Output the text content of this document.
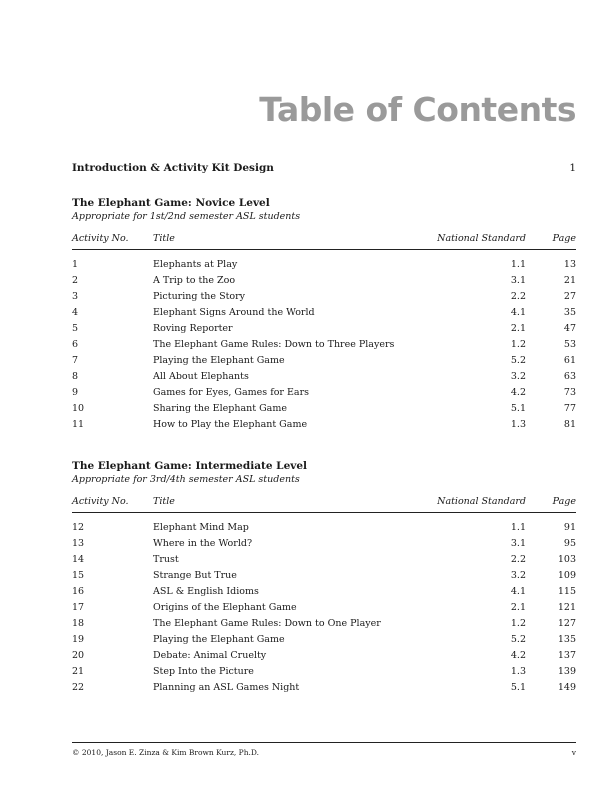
Table of Contents
Introduction & Activity Kit Design	1
The Elephant Game: Novice Level
Appropriate for 1st/2nd semester ASL students
Activity No.	Title	National Standard	Page
1	Elephants at Play	1.1	13
2	A Trip to the Zoo	3.1	21
3	Picturing the Story	2.2	27
4	Elephant Signs Around the World	4.1	35
5	Roving Reporter	2.1	47
6	The Elephant Game Rules: Down to Three Players	1.2	53
7	Playing the Elephant Game	5.2	61
8	All About Elephants	3.2	63
9	Games for Eyes, Games for Ears	4.2	73
10	Sharing the Elephant Game	5.1	77
11	How to Play the Elephant Game	1.3	81
The Elephant Game: Intermediate Level
Appropriate for 3rd/4th semester ASL students
Activity No.	Title	National Standard	Page
12	Elephant Mind Map	1.1	91
13	Where in the World?	3.1	95
14	Trust	2.2	103
15	Strange But True	3.2	109
16	ASL & English Idioms	4.1	115
17	Origins of the Elephant Game	2.1	121
18	The Elephant Game Rules: Down to One Player	1.2	127
19	Playing the Elephant Game	5.2	135
20	Debate: Animal Cruelty	4.2	137
21	Step Into the Picture	1.3	139
22	Planning an ASL Games Night	5.1	149
© 2010, Jason E. Zinza & Kim Brown Kurz, Ph.D.	v
